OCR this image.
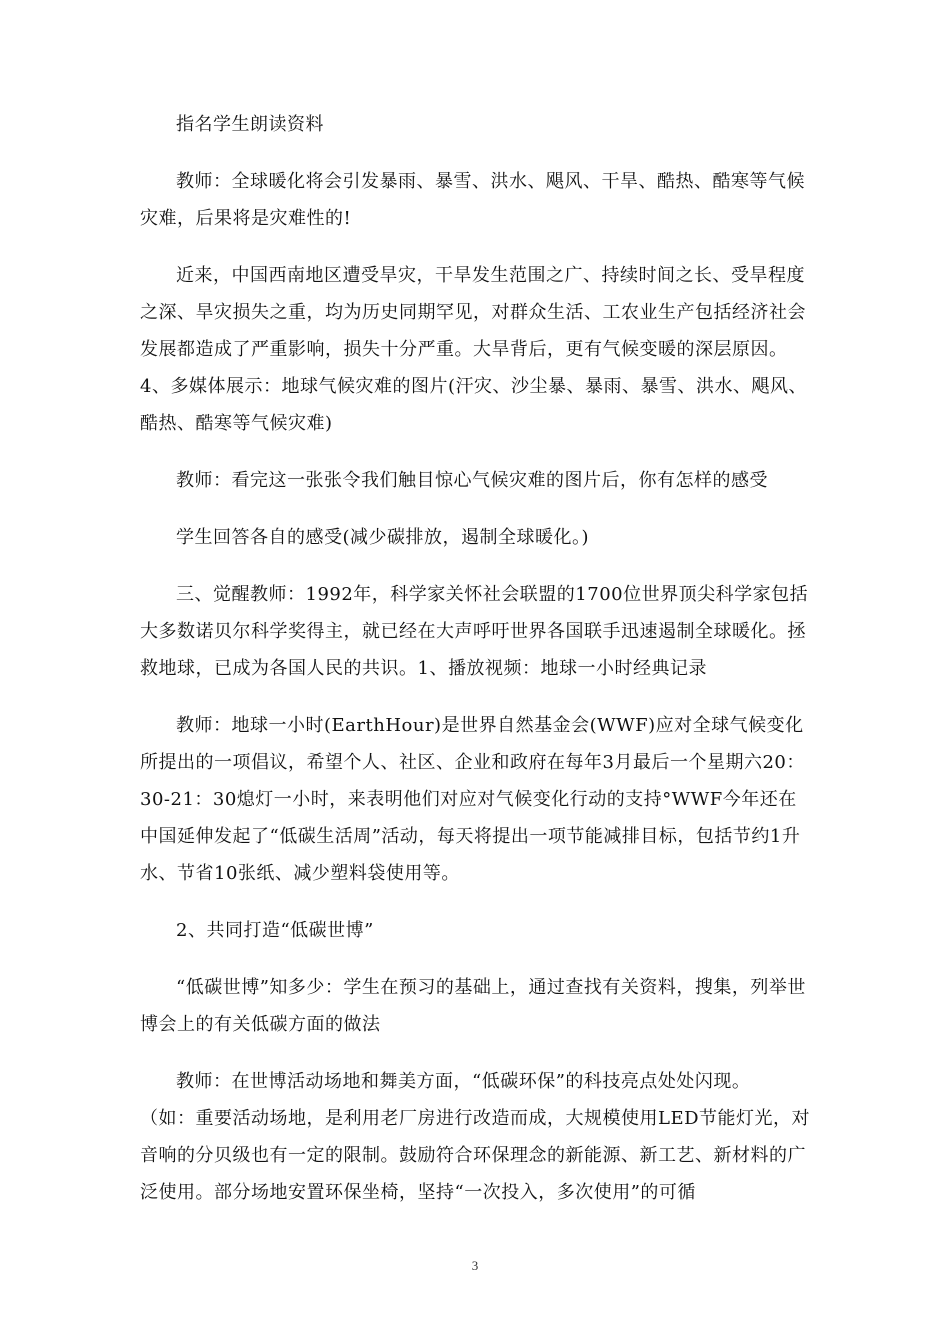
指名学生朗读资料

教师：全球暖化将会引发暴雨、暴雪、洪水、飓风、干旱、酷热、酷寒等气候灾难，后果将是灾难性的!

近来，中国西南地区遭受旱灾，干旱发生范围之广、持续时间之长、受旱程度之深、旱灾损失之重，均为历史同期罕见，对群众生活、工农业生产包括经济社会发展都造成了严重影响，损失十分严重。大旱背后，更有气候变暖的深层原因。4、多媒体展示：地球气候灾难的图片(汗灾、沙尘暴、暴雨、暴雪、洪水、飓风、酷热、酷寒等气候灾难)

教师：看完这一张张令我们触目惊心气候灾难的图片后，你有怎样的感受

学生回答各自的感受(减少碳排放，遏制全球暖化。)

三、觉醒教师：1992年，科学家关怀社会联盟的1700位世界顶尖科学家包括大多数诺贝尔科学奖得主，就已经在大声呼吁世界各国联手迅速遏制全球暖化。拯救地球，已成为各国人民的共识。1、播放视频：地球一小时经典记录

教师：地球一小时(EarthHour)是世界自然基金会(WWF)应对全球气候变化所提出的一项倡议，希望个人、社区、企业和政府在每年3月最后一个星期六20：30-21：30熄灯一小时，来表明他们对应对气候变化行动的支持°WWF今年还在中国延伸发起了“低碳生活周”活动，每天将提出一项节能减排目标，包括节约1升水、节省10张纸、减少塑料袋使用等。

2、共同打造“低碳世博”

“低碳世博”知多少：学生在预习的基础上，通过查找有关资料，搜集，列举世博会上的有关低碳方面的做法

教师：在世博活动场地和舞美方面，“低碳环保”的科技亮点处处闪现。

（如：重要活动场地，是利用老厂房进行改造而成，大规模使用LED节能灯光，对音响的分贝级也有一定的限制。鼓励符合环保理念的新能源、新工艺、新材料的广泛使用。部分场地安置环保坐椅，坚持“一次投入，多次使用”的可循

3
